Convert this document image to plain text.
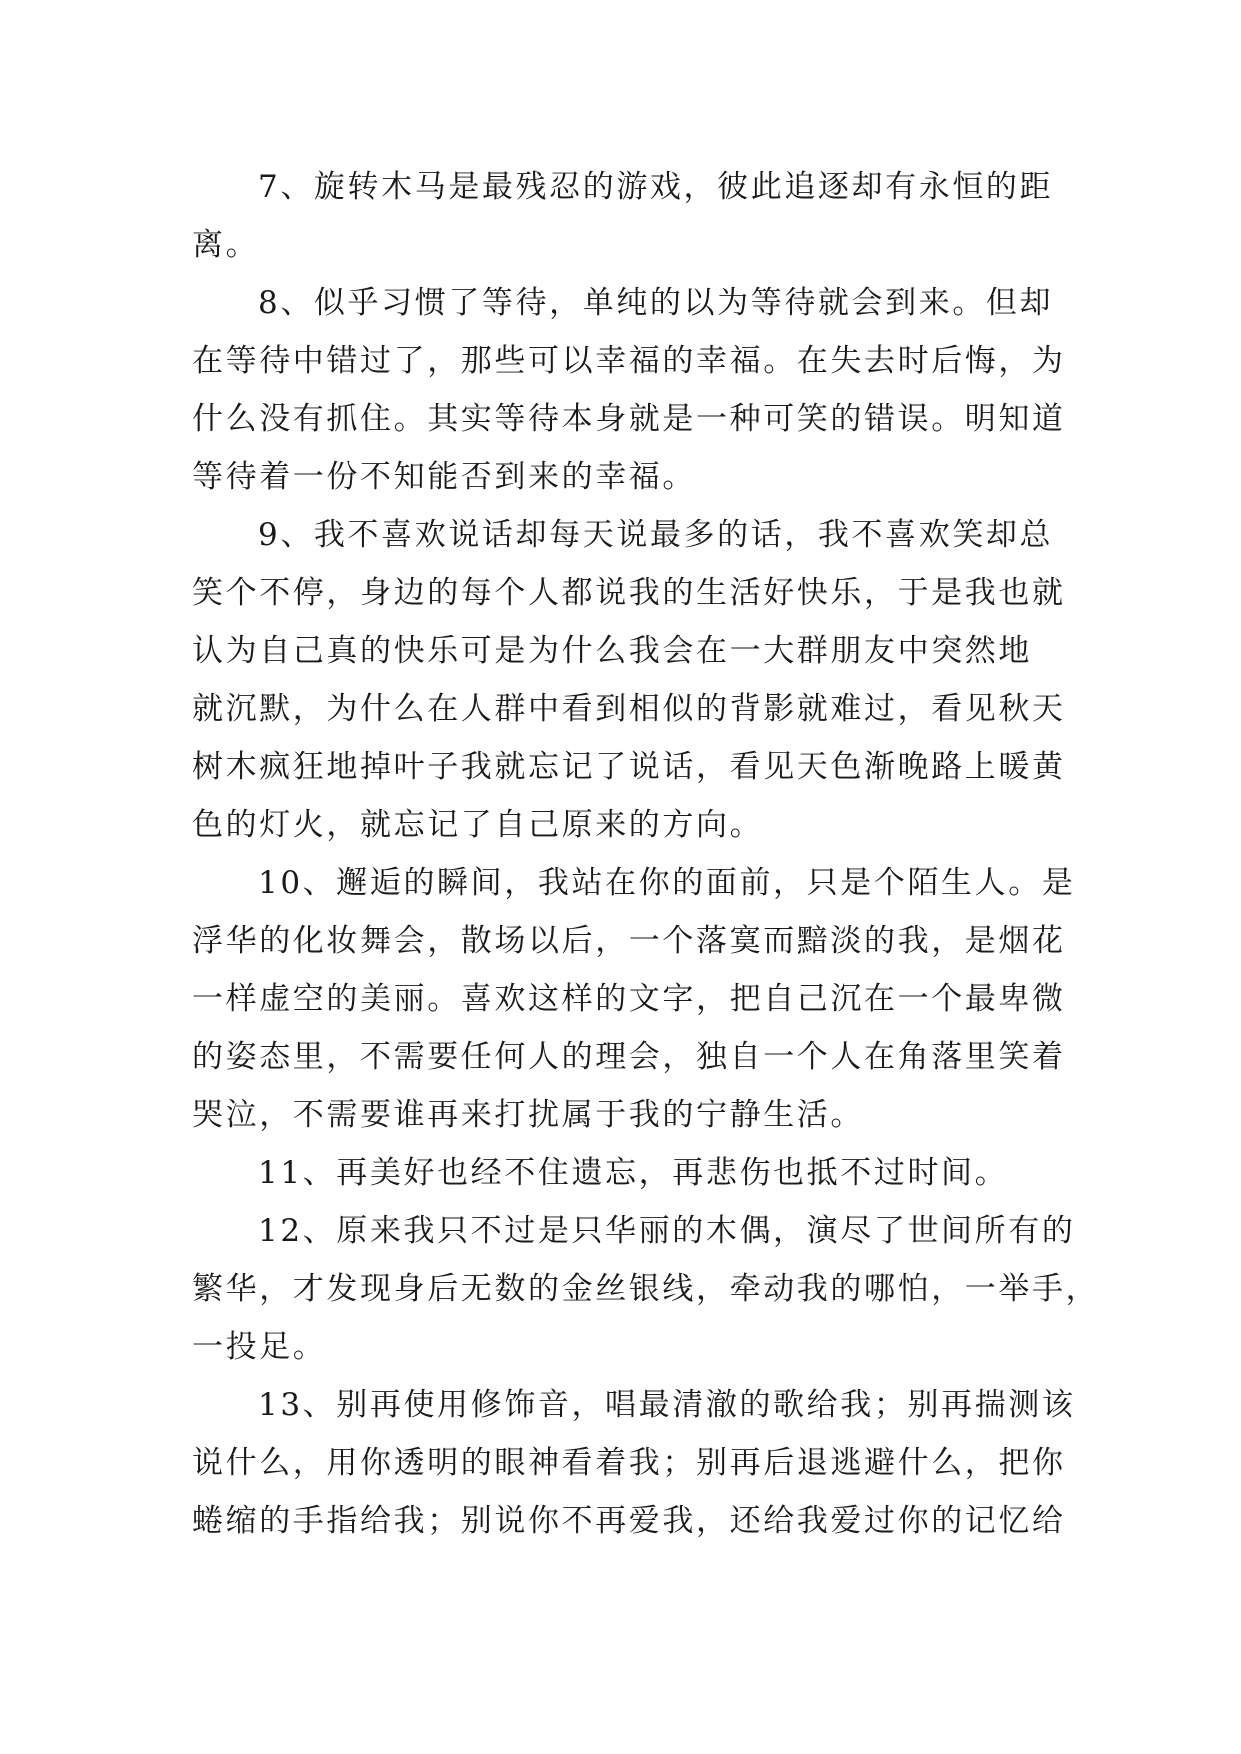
7、旋转木马是最残忍的游戏，彼此追逐却有永恒的距
离。

8、似乎习惯了等待，单纯的以为等待就会到来。但却
在等待中错过了，那些可以幸福的幸福。在失去时后悔，为
什么没有抓住。其实等待本身就是一种可笑的错误。明知道
等待着一份不知能否到来的幸福。

9、我不喜欢说话却每天说最多的话，我不喜欢笑却总
笑个不停，身边的每个人都说我的生活好快乐，于是我也就
认为自己真的快乐可是为什么我会在一大群朋友中突然地
就沉默，为什么在人群中看到相似的背影就难过，看见秋天
树木疯狂地掉叶子我就忘记了说话，看见天色渐晚路上暖黄
色的灯火，就忘记了自己原来的方向。

10、邂逅的瞬间，我站在你的面前，只是个陌生人。是
浮华的化妆舞会，散场以后，一个落寞而黯淡的我，是烟花
一样虚空的美丽。喜欢这样的文字，把自己沉在一个最卑微
的姿态里，不需要任何人的理会，独自一个人在角落里笑着
哭泣，不需要谁再来打扰属于我的宁静生活。

11、再美好也经不住遗忘，再悲伤也抵不过时间。

12、原来我只不过是只华丽的木偶，演尽了世间所有的
繁华，才发现身后无数的金丝银线，牵动我的哪怕，一举手，
一投足。

13、别再使用修饰音，唱最清澈的歌给我；别再揣测该
说什么，用你透明的眼神看着我；别再后退逃避什么，把你
蜷缩的手指给我；别说你不再爱我，还给我爱过你的记忆给
